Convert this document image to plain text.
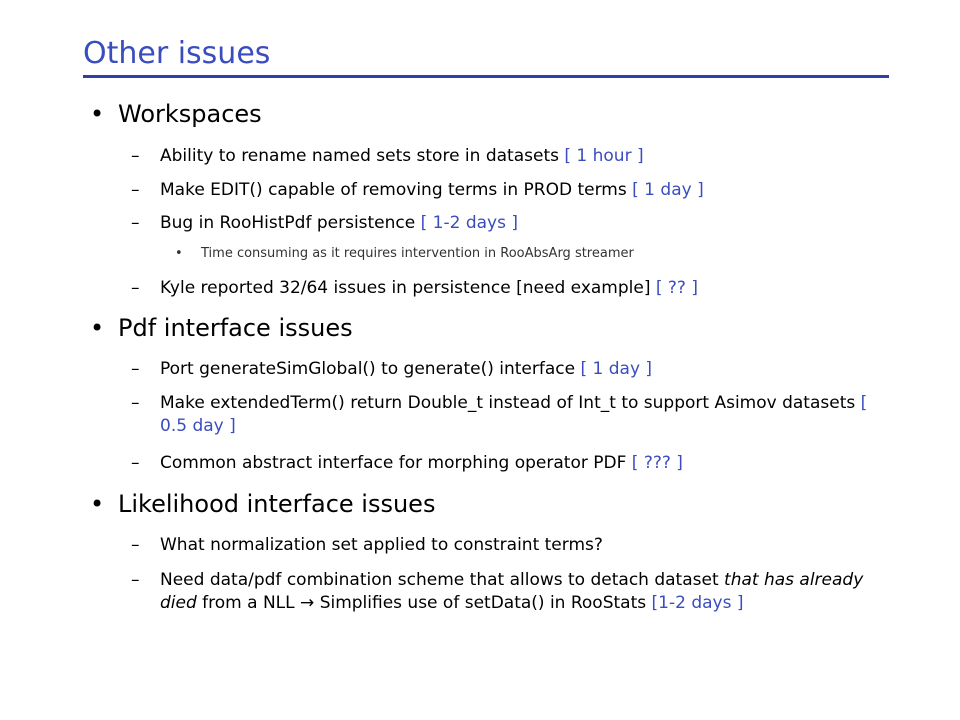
Other issues
• Workspaces
– Ability to rename named sets store in datasets [ 1 hour ]
– Make EDIT() capable of removing terms in PROD terms [ 1 day ]
– Bug in RooHistPdf persistence [ 1-2 days ]
• Time consuming as it requires intervention in RooAbsArg streamer
– Kyle reported 32/64 issues in persistence [need example] [ ?? ]
• Pdf interface issues
– Port generateSimGlobal() to generate() interface [ 1 day ]
– Make extendedTerm() return Double_t instead of Int_t to support Asimov datasets [ 0.5 day ]
– Common abstract interface for morphing operator PDF [ ??? ]
• Likelihood interface issues
– What normalization set applied to constraint terms?
– Need data/pdf combination scheme that allows to detach dataset that has already died from a NLL → Simplifies use of setData() in RooStats [1-2 days ]
